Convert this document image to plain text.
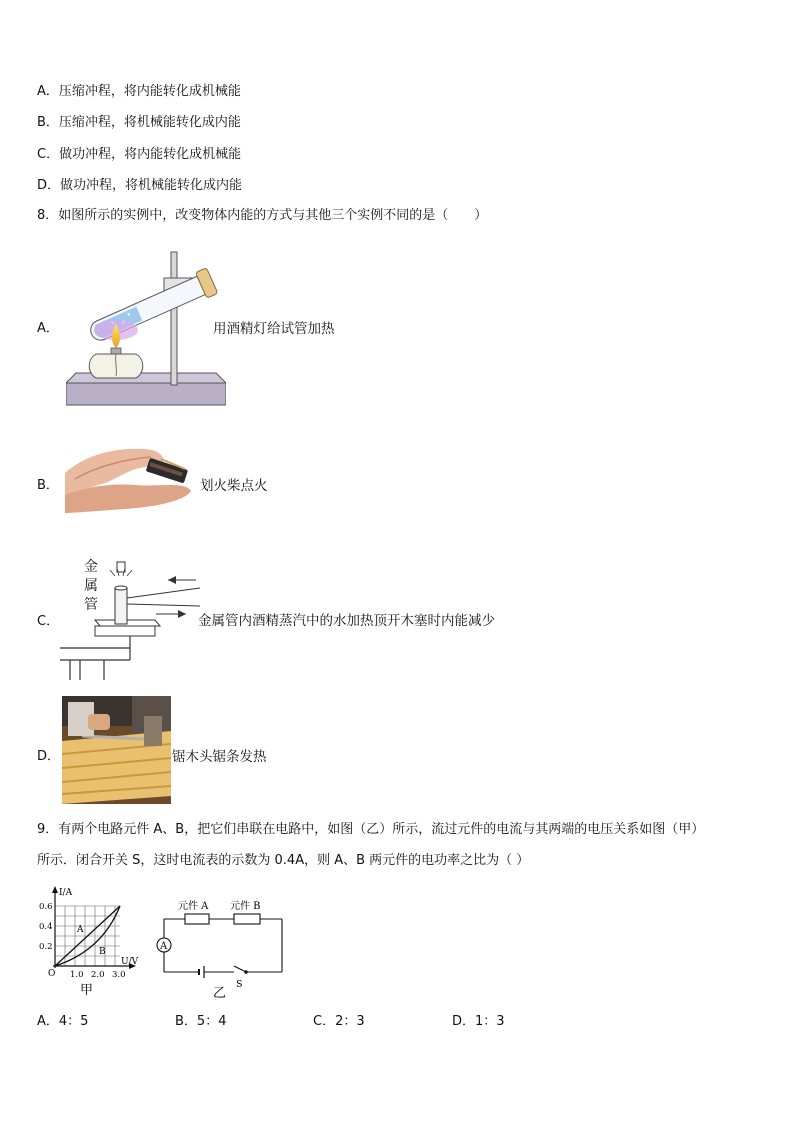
A．压缩冲程，将内能转化成机械能
B．压缩冲程，将机械能转化成内能
C．做功冲程，将内能转化成机械能
D．做功冲程，将机械能转化成内能
8．如图所示的实例中，改变物体内能的方式与其他三个实例不同的是（　　）
A．	用酒精灯给试管加热
B．	划火柴点火
C．
金
属
管
金属管内酒精蒸汽中的水加热顶开木塞时内能减少
D．	锯木头锯条发热
9．有两个电路元件 A、B，把它们串联在电路中，如图（乙）所示，流过元件的电流与其两端的电压关系如图（甲）
所示．闭合开关 S，这时电流表的示数为 0.4A，则 A、B 两元件的电功率之比为（ ）
I/A
U/V
O
0.6
0.4
0.2
1.0 2.0 3.0
A
B
甲
A
元件 A 元件 B
S
乙
A．4：5	B．5：4	C．2：3	D．1：3
